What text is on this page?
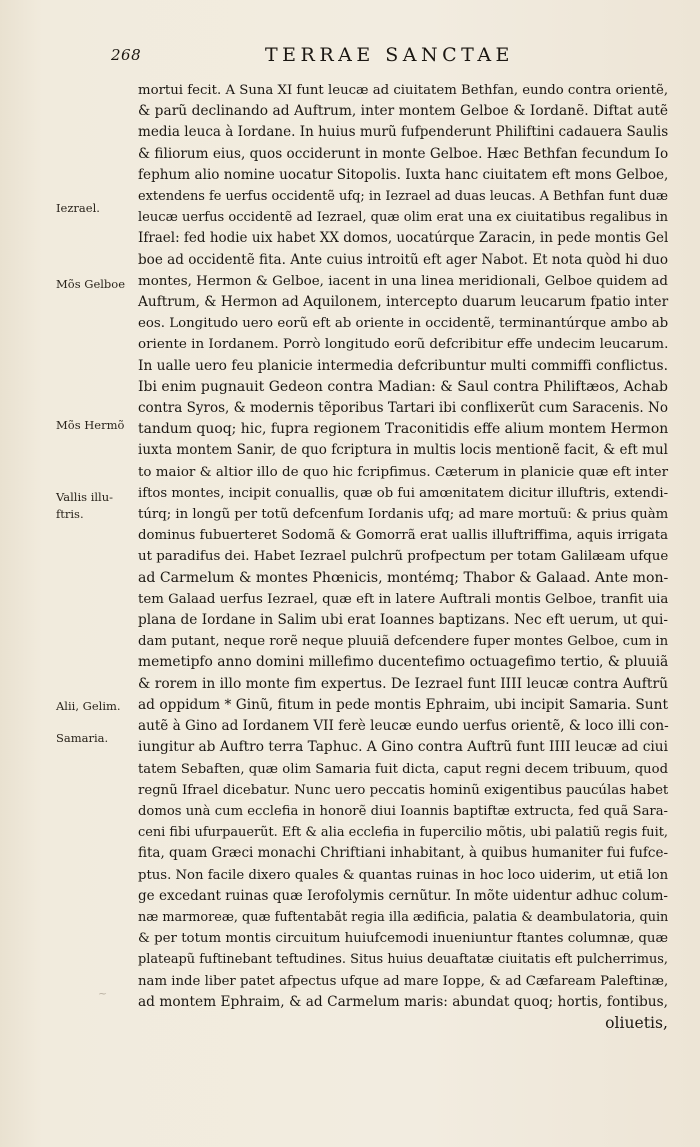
268	TERRAE SANCTAE
Iezrael.
Mõs Gelboe
Mõs Hermõ
Vallis illu-
ftris.
Alii, Gelim.
Samaria.
~
mortui fecit. A Suna XI funt leucæ ad ciuitatem Bethfan, eundo contra orientẽ,
& parũ declinando ad Auftrum, inter montem Gelboe & Iordanẽ. Diftat autẽ
media leuca à Iordane. In huius murũ fufpenderunt Philiftini cadauera Saulis
& filiorum eius, quos occiderunt in monte Gelboe. Hæc Bethfan fecundum Io
fephum alio nomine uocatur Sitopolis. Iuxta hanc ciuitatem eft mons Gelboe,
extendens fe uerfus occidentẽ ufq; in Iezrael ad duas leucas. A Bethfan funt duæ
leucæ uerfus occidentẽ ad Iezrael, quæ olim erat una ex ciuitatibus regalibus in
Ifrael: fed hodie uix habet XX domos, uocatúrque Zaracin, in pede montis Gel
boe ad occidentẽ fita. Ante cuius introitũ eft ager Nabot. Et nota quòd hi duo
montes, Hermon & Gelboe, iacent in una linea meridionali, Gelboe quidem ad
Auftrum, & Hermon ad Aquilonem, intercepto duarum leucarum fpatio inter
eos. Longitudo uero eorũ eft ab oriente in occidentẽ, terminantúrque ambo ab
oriente in Iordanem. Porrò longitudo eorũ defcribitur effe undecim leucarum.
In ualle uero feu planicie intermedia defcribuntur multi commiffi conflictus.
Ibi enim pugnauit Gedeon contra Madian: & Saul contra Philiftæos, Achab
contra Syros, & modernis tẽporibus Tartari ibi conflixerũt cum Saracenis. No
tandum quoq; hic, fupra regionem Traconitidis effe alium montem Hermon
iuxta montem Sanir, de quo fcriptura in multis locis mentionẽ facit, & eft mul
to maior & altior illo de quo hic fcripfimus. Cæterum in planicie quæ eft inter
iftos montes, incipit conuallis, quæ ob fui amœnitatem dicitur illuftris, extendi-
túrq; in longũ per totũ defcenfum Iordanis ufq; ad mare mortuũ: & prius quàm
dominus fubuerteret Sodomã & Gomorrã erat uallis illuftriffima, aquis irrigata
ut paradifus dei. Habet Iezrael pulchrũ profpectum per totam Galilæam ufque
ad Carmelum & montes Phœnicis, montémq; Thabor & Galaad. Ante mon-
tem Galaad uerfus Iezrael, quæ eft in latere Auftrali montis Gelboe, tranfit uia
plana de Iordane in Salim ubi erat Ioannes baptizans. Nec eft uerum, ut qui-
dam putant, neque rorẽ neque pluuiã defcendere fuper montes Gelboe, cum in
memetipfo anno domini millefimo ducentefimo octuagefimo tertio, & pluuiã
& rorem in illo monte fim expertus. De Iezrael funt IIII leucæ contra Auftrũ
ad oppidum * Ginũ, fitum in pede montis Ephraim, ubi incipit Samaria. Sunt
autẽ à Gino ad Iordanem VII ferè leucæ eundo uerfus orientẽ, & loco illi con-
iungitur ab Auftro terra Taphuc. A Gino contra Auftrũ funt IIII leucæ ad ciui
tatem Sebaften, quæ olim Samaria fuit dicta, caput regni decem tribuum, quod
regnũ Ifrael dicebatur. Nunc uero peccatis hominũ exigentibus paucúlas habet
domos unà cum ecclefia in honorẽ diui Ioannis baptiftæ extructa, fed quã Sara-
ceni fibi ufurpauerũt. Eft & alia ecclefia in fupercilio mõtis, ubi palatiũ regis fuit,
fita, quam Græci monachi Chriftiani inhabitant, à quibus humaniter fui fufce-
ptus. Non facile dixero quales & quantas ruinas in hoc loco uiderim, ut etiã lon
ge excedant ruinas quæ Ierofolymis cernũtur. In mõte uidentur adhuc colum-
næ marmoreæ, quæ fuftentabãt regia illa ædificia, palatia & deambulatoria, quin
& per totum montis circuitum huiufcemodi inueniuntur ftantes columnæ, quæ
plateарũ fuftinebant teftudines. Situs huius deuaftatæ ciuitatis eft pulcherrimus,
nam inde liber patet afpectus ufque ad mare Ioppe, & ad Cæfaream Paleftinæ,
ad montem Ephraim, & ad Carmelum maris: abundat quoq; hortis, fontibus,
oliuetis,
